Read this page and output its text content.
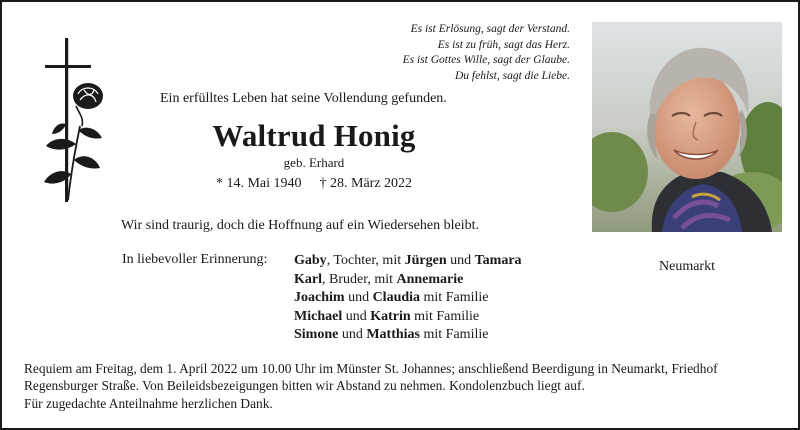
Es ist Erlösung, sagt der Verstand.
Es ist zu früh, sagt das Herz.
Es ist Gottes Wille, sagt der Glaube.
Du fehlst, sagt die Liebe.
Ein erfülltes Leben hat seine Vollendung gefunden.
Waltrud Honig
geb. Erhard
* 14. Mai 1940 † 28. März 2022
Wir sind traurig, doch die Hoffnung auf ein Wiedersehen bleibt.
In liebevoller Erinnerung: Gaby, Tochter, mit Jürgen und Tamara
Karl, Bruder, mit Annemarie
Joachim und Claudia mit Familie
Michael und Katrin mit Familie
Simone und Matthias mit Familie
Neumarkt
Requiem am Freitag, dem 1. April 2022 um 10.00 Uhr im Münster St. Johannes; anschließend Beerdigung in Neumarkt, Friedhof
Regensburger Straße. Von Beileidsbezeigungen bitten wir Abstand zu nehmen. Kondolenzbuch liegt auf.
Für zugedachte Anteilnahme herzlichen Dank.
